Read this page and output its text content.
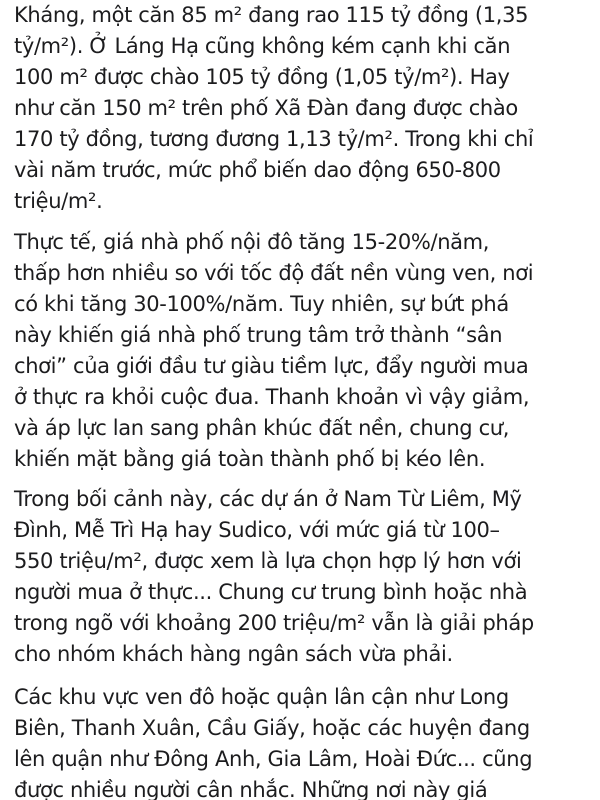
Kháng, một căn 85 m² đang rao 115 tỷ đồng (1,35
tỷ/m²). Ở Láng Hạ cũng không kém cạnh khi căn
100 m² được chào 105 tỷ đồng (1,05 tỷ/m²). Hay
như căn 150 m² trên phố Xã Đàn đang được chào
170 tỷ đồng, tương đương 1,13 tỷ/m². Trong khi chỉ
vài năm trước, mức phổ biến dao động 650-800
triệu/m².
Thực tế, giá nhà phố nội đô tăng 15-20%/năm,
thấp hơn nhiều so với tốc độ đất nền vùng ven, nơi
có khi tăng 30-100%/năm. Tuy nhiên, sự bứt phá
này khiến giá nhà phố trung tâm trở thành “sân
chơi” của giới đầu tư giàu tiềm lực, đẩy người mua
ở thực ra khỏi cuộc đua. Thanh khoản vì vậy giảm,
và áp lực lan sang phân khúc đất nền, chung cư,
khiến mặt bằng giá toàn thành phố bị kéo lên.
Trong bối cảnh này, các dự án ở Nam Từ Liêm, Mỹ
Đình, Mễ Trì Hạ hay Sudico, với mức giá từ 100–
550 triệu/m², được xem là lựa chọn hợp lý hơn với
người mua ở thực... Chung cư trung bình hoặc nhà
trong ngõ với khoảng 200 triệu/m² vẫn là giải pháp
cho nhóm khách hàng ngân sách vừa phải.
Các khu vực ven đô hoặc quận lân cận như Long
Biên, Thanh Xuân, Cầu Giấy, hoặc các huyện đang
lên quận như Đông Anh, Gia Lâm, Hoài Đức... cũng
được nhiều người cân nhắc. Những nơi này giá
